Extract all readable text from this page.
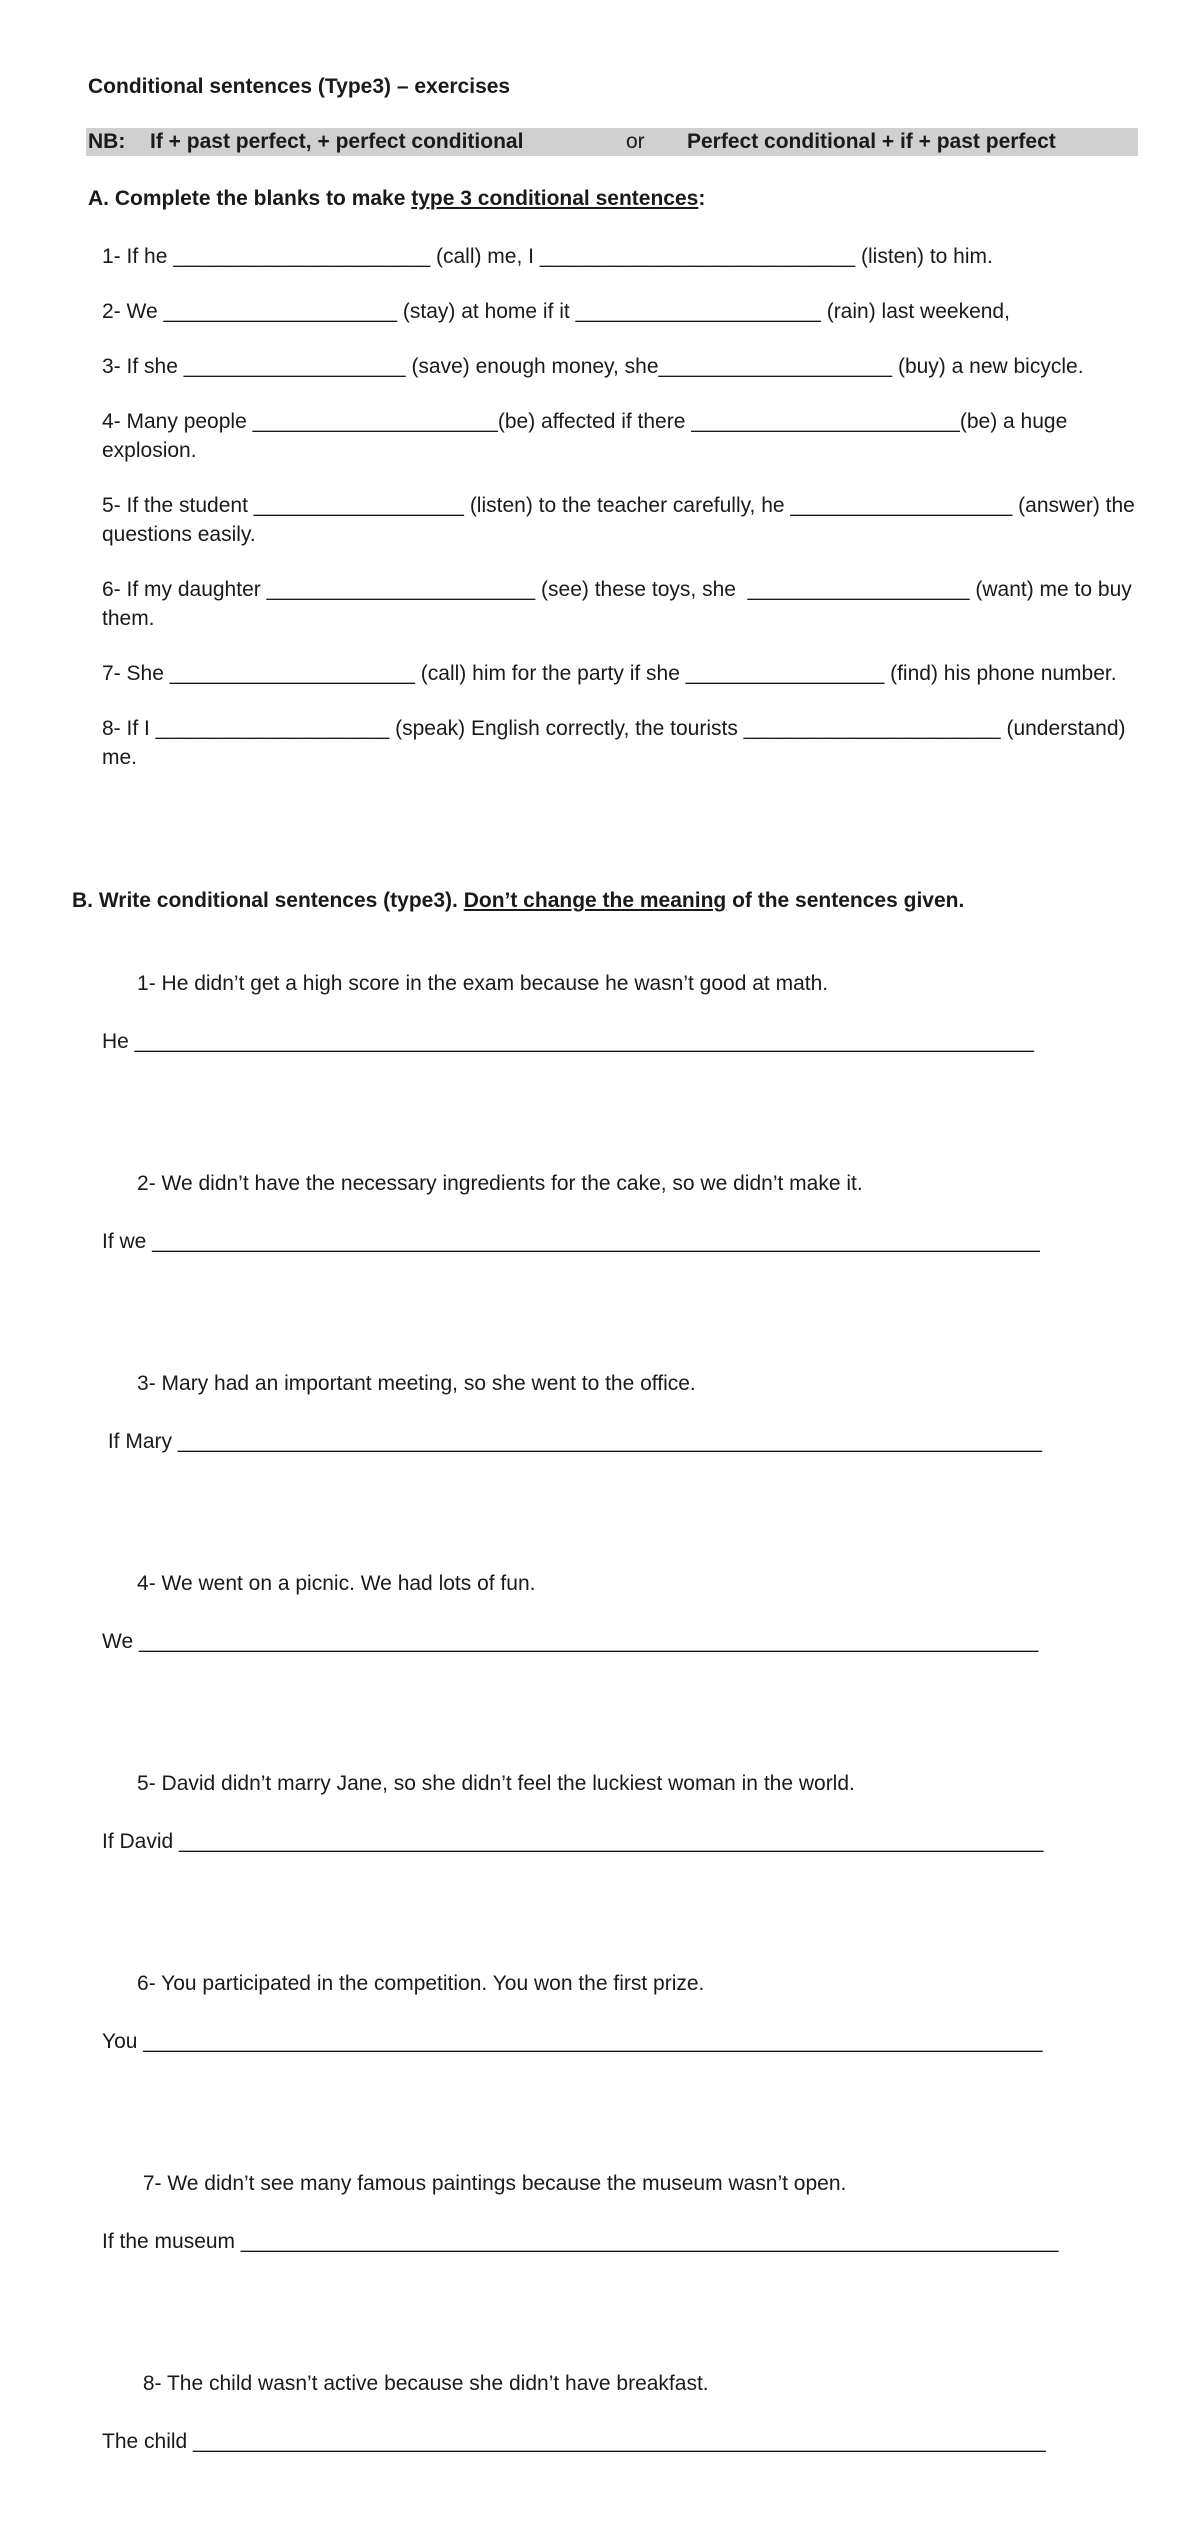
Conditional sentences (Type3) – exercises
NB: If + past perfect, + perfect conditional	or Perfect conditional + if + past perfect
A. Complete the blanks to make type 3 conditional sentences:

1- If he ______________________ (call) me, I ___________________________ (listen) to him.

2- We ____________________ (stay) at home if it _____________________ (rain) last weekend,

3- If she ___________________ (save) enough money, she____________________ (buy) a new bicycle.

4- Many people _____________________(be) affected if there _______________________(be) a huge explosion.

5- If the student __________________ (listen) to the teacher carefully, he ___________________ (answer) the questions easily.

6- If my daughter _______________________ (see) these toys, she  ___________________ (want) me to buy them.

7- She _____________________ (call) him for the party if she _________________ (find) his phone number.

8- If I ____________________ (speak) English correctly, the tourists ______________________ (understand) me.

B. Write conditional sentences (type3). Don’t change the meaning of the sentences given.

1- He didn’t get a high score in the exam because he wasn’t good at math.

He _____________________________________________________________________________

2- We didn’t have the necessary ingredients for the cake, so we didn’t make it.

If we ____________________________________________________________________________

3- Mary had an important meeting, so she went to the office.

If Mary __________________________________________________________________________

4- We went on a picnic. We had lots of fun.

We _____________________________________________________________________________

5- David didn’t marry Jane, so she didn’t feel the luckiest woman in the world.

If David __________________________________________________________________________

6- You participated in the competition. You won the first prize.

You _____________________________________________________________________________

7- We didn’t see many famous paintings because the museum wasn’t open.

If the museum ______________________________________________________________________

8- The child wasn’t active because she didn’t have breakfast.

The child _________________________________________________________________________
